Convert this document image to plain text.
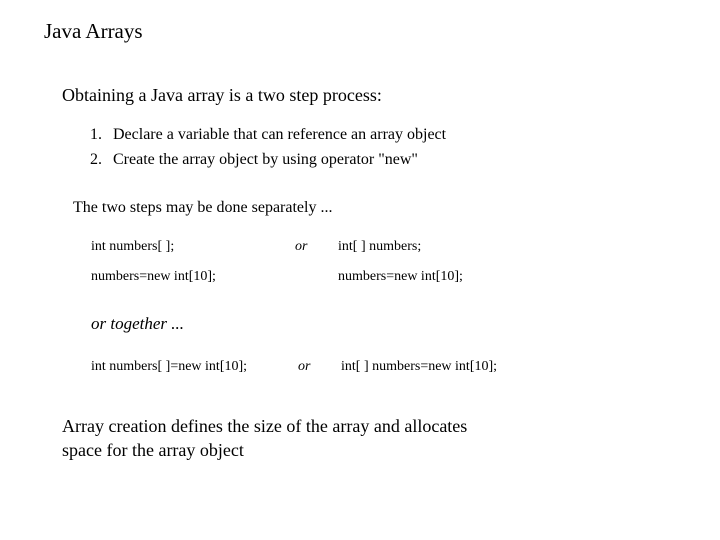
Java Arrays
Obtaining a Java array is a two step process:
1. Declare a variable that can reference an array object
2. Create the array object by using operator "new"
The two steps may be done separately ...
int numbers[ ];	or int[ ] numbers;
numbers=new int[10];	numbers=new int[10];
or together ...
int numbers[ ]=new int[10];	or int[ ] numbers=new int[10];
Array creation defines the size of the array and allocates
space for the array object
